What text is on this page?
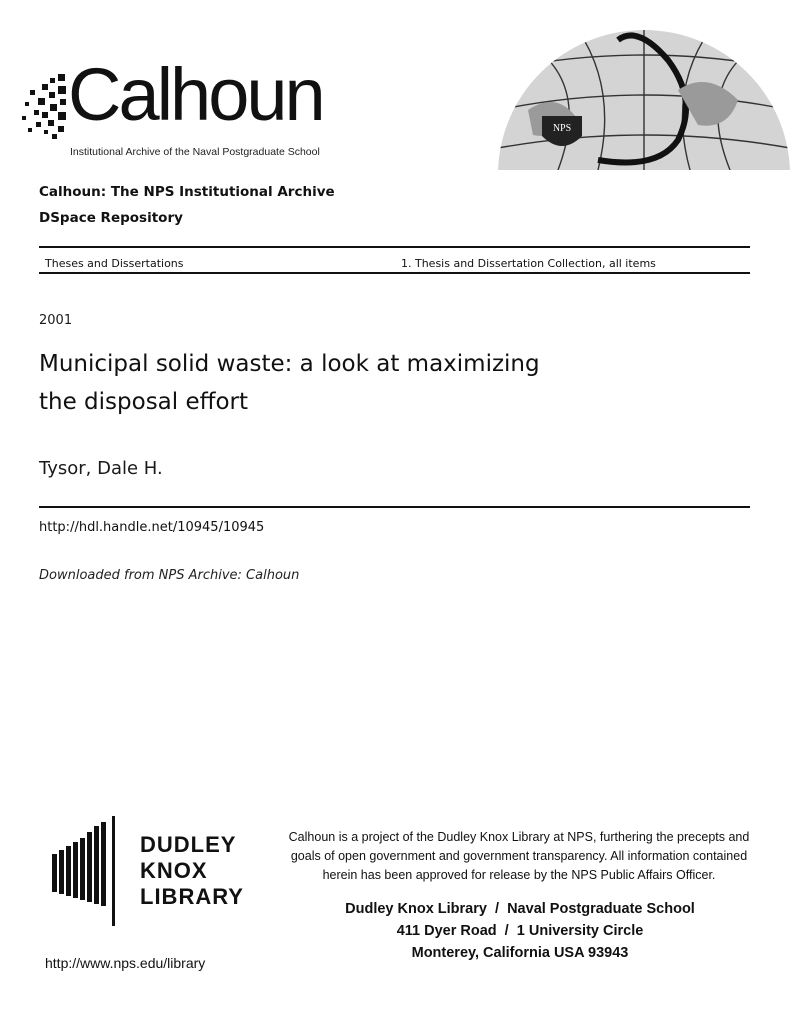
Calhoun
Institutional Archive of the Naval Postgraduate School
NPS
Calhoun: The NPS Institutional Archive
DSpace Repository
Theses and Dissertations	1. Thesis and Dissertation Collection, all items
2001
Municipal solid waste: a look at maximizing
the disposal effort
Tysor, Dale H.
http://hdl.handle.net/10945/10945
Downloaded from NPS Archive: Calhoun
DUDLEY
KNOX
LIBRARY
Calhoun is a project of the Dudley Knox Library at NPS, furthering the precepts and
goals of open government and government transparency. All information contained
herein has been approved for release by the NPS Public Affairs Officer.
Dudley Knox Library  /  Naval Postgraduate School
411 Dyer Road  /  1 University Circle
Monterey, California USA 93943
http://www.nps.edu/library
